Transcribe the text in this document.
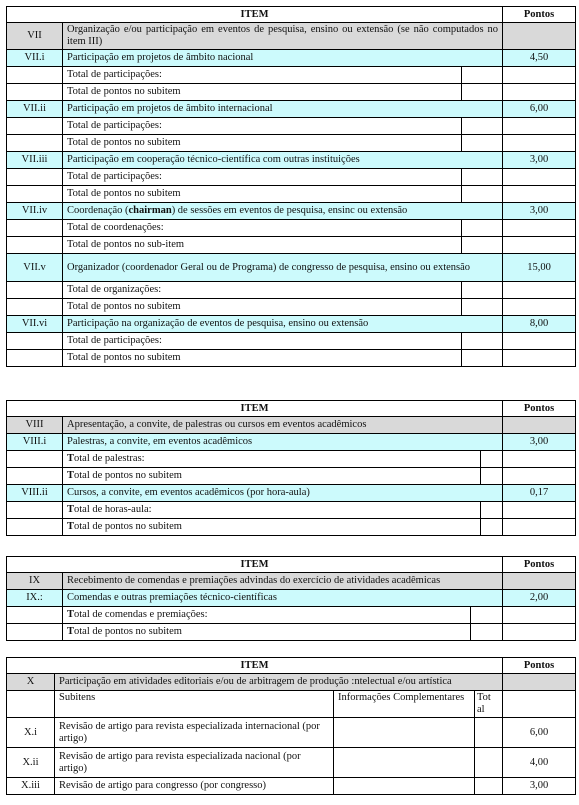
ITEM			Pontos
VII	Organização e/ou participação em eventos de pesquisa, ensino ou extensão (se não computados no item III)		
VII.i	Participação em projetos de âmbito nacional		4,50
	Total de participações:		
	Total de pontos no subitem		
VII.ii	Participação em projetos de âmbito internacional		6,00
	Total de participações:		
	Total de pontos no subitem		
VII.iii	Participação em cooperação técnico-científica com outras instituições		3,00
	Total de participações:		
	Total de pontos no subitem		
VII.iv	Coordenação (chairman) de sessões em eventos de pesquisa, ensinc ou extensão		3,00
	Total de coordenações:		
	Total de pontos no sub-item		
VII.v	Organizador (coordenador Geral ou de Programa) de congresso de pesquisa, ensino ou extensão		15,00
	Total de organizações:		
	Total de pontos no subitem		
VII.vi	Participação na organização de eventos de pesquisa, ensino ou extensão		8,00
	Total de participações:		
	Total de pontos no subitem		
ITEM			Pontos
VIII	Apresentação, a convite, de palestras ou cursos em eventos acadêmicos		
VIII.i	Palestras, a convite, em eventos acadêmicos		3,00
	Total de palestras:		
	Total de pontos no subitem		
VIII.ii	Cursos, a convite, em eventos acadêmicos (por hora-aula)		0,17
	Total de horas-aula:		
	Total de pontos no subitem		
ITEM			Pontos
IX	Recebimento de comendas e premiações advindas do exercício de atividades acadêmicas		
IX.:	Comendas e outras premiações técnico-científicas		2,00
	Total de comendas e premiações:		
	Total de pontos no subitem		
ITEM				Pontos
X	Participação em atividades editoriais e/ou de arbitragem de produção :ntelectual e/ou artística			
	Subitens	Informações Complementares	Tot al	
X.i	Revisão de artigo para revista especializada internacional (por artigo)			6,00
X.ii	Revisão de artigo para revista especializada nacional (por artigo)			4,00
X.iii	Revisão de artigo para congresso (por congresso)			3,00
